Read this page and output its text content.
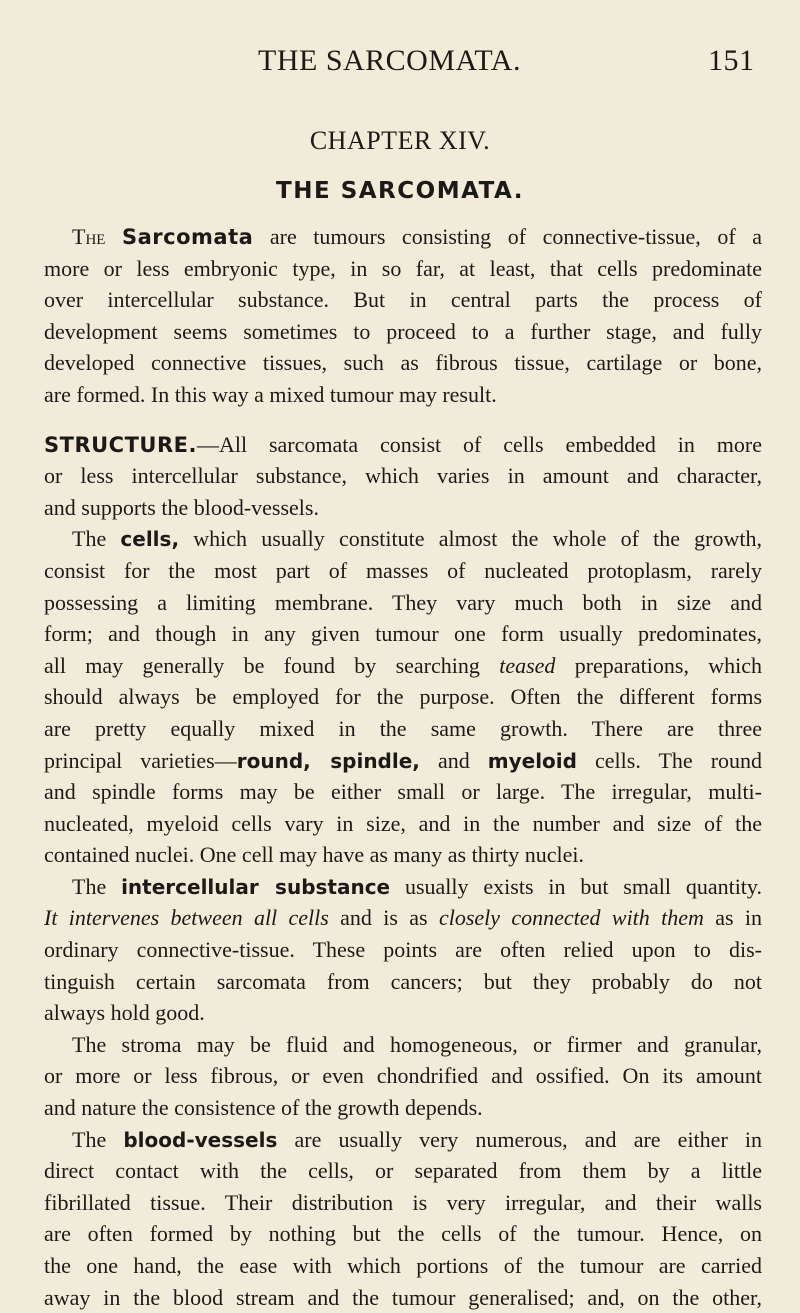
THE SARCOMATA.	151
CHAPTER XIV.
THE SARCOMATA.
The Sarcomata are tumours consisting of connective-tissue, of a
more or less embryonic type, in so far, at least, that cells predominate
over intercellular substance. But in central parts the process of
development seems sometimes to proceed to a further stage, and fully
developed connective tissues, such as fibrous tissue, cartilage or bone,
are formed. In this way a mixed tumour may result.
STRUCTURE.—All sarcomata consist of cells embedded in more
or less intercellular substance, which varies in amount and character,
and supports the blood-vessels.
The cells, which usually constitute almost the whole of the growth,
consist for the most part of masses of nucleated protoplasm, rarely
possessing a limiting membrane. They vary much both in size and
form; and though in any given tumour one form usually predominates,
all may generally be found by searching teased preparations, which
should always be employed for the purpose. Often the different forms
are pretty equally mixed in the same growth. There are three
principal varieties—round, spindle, and myeloid cells. The round
and spindle forms may be either small or large. The irregular, multi-
nucleated, myeloid cells vary in size, and in the number and size of the
contained nuclei. One cell may have as many as thirty nuclei.
The intercellular substance usually exists in but small quantity.
It intervenes between all cells and is as closely connected with them as in
ordinary connective-tissue. These points are often relied upon to dis-
tinguish certain sarcomata from cancers; but they probably do not
always hold good.
The stroma may be fluid and homogeneous, or firmer and granular,
or more or less fibrous, or even chondrified and ossified. On its amount
and nature the consistence of the growth depends.
The blood-vessels are usually very numerous, and are either in
direct contact with the cells, or separated from them by a little
fibrillated tissue. Their distribution is very irregular, and their walls
are often formed by nothing but the cells of the tumour. Hence, on
the one hand, the ease with which portions of the tumour are carried
away in the blood stream and the tumour generalised; and, on the other,
